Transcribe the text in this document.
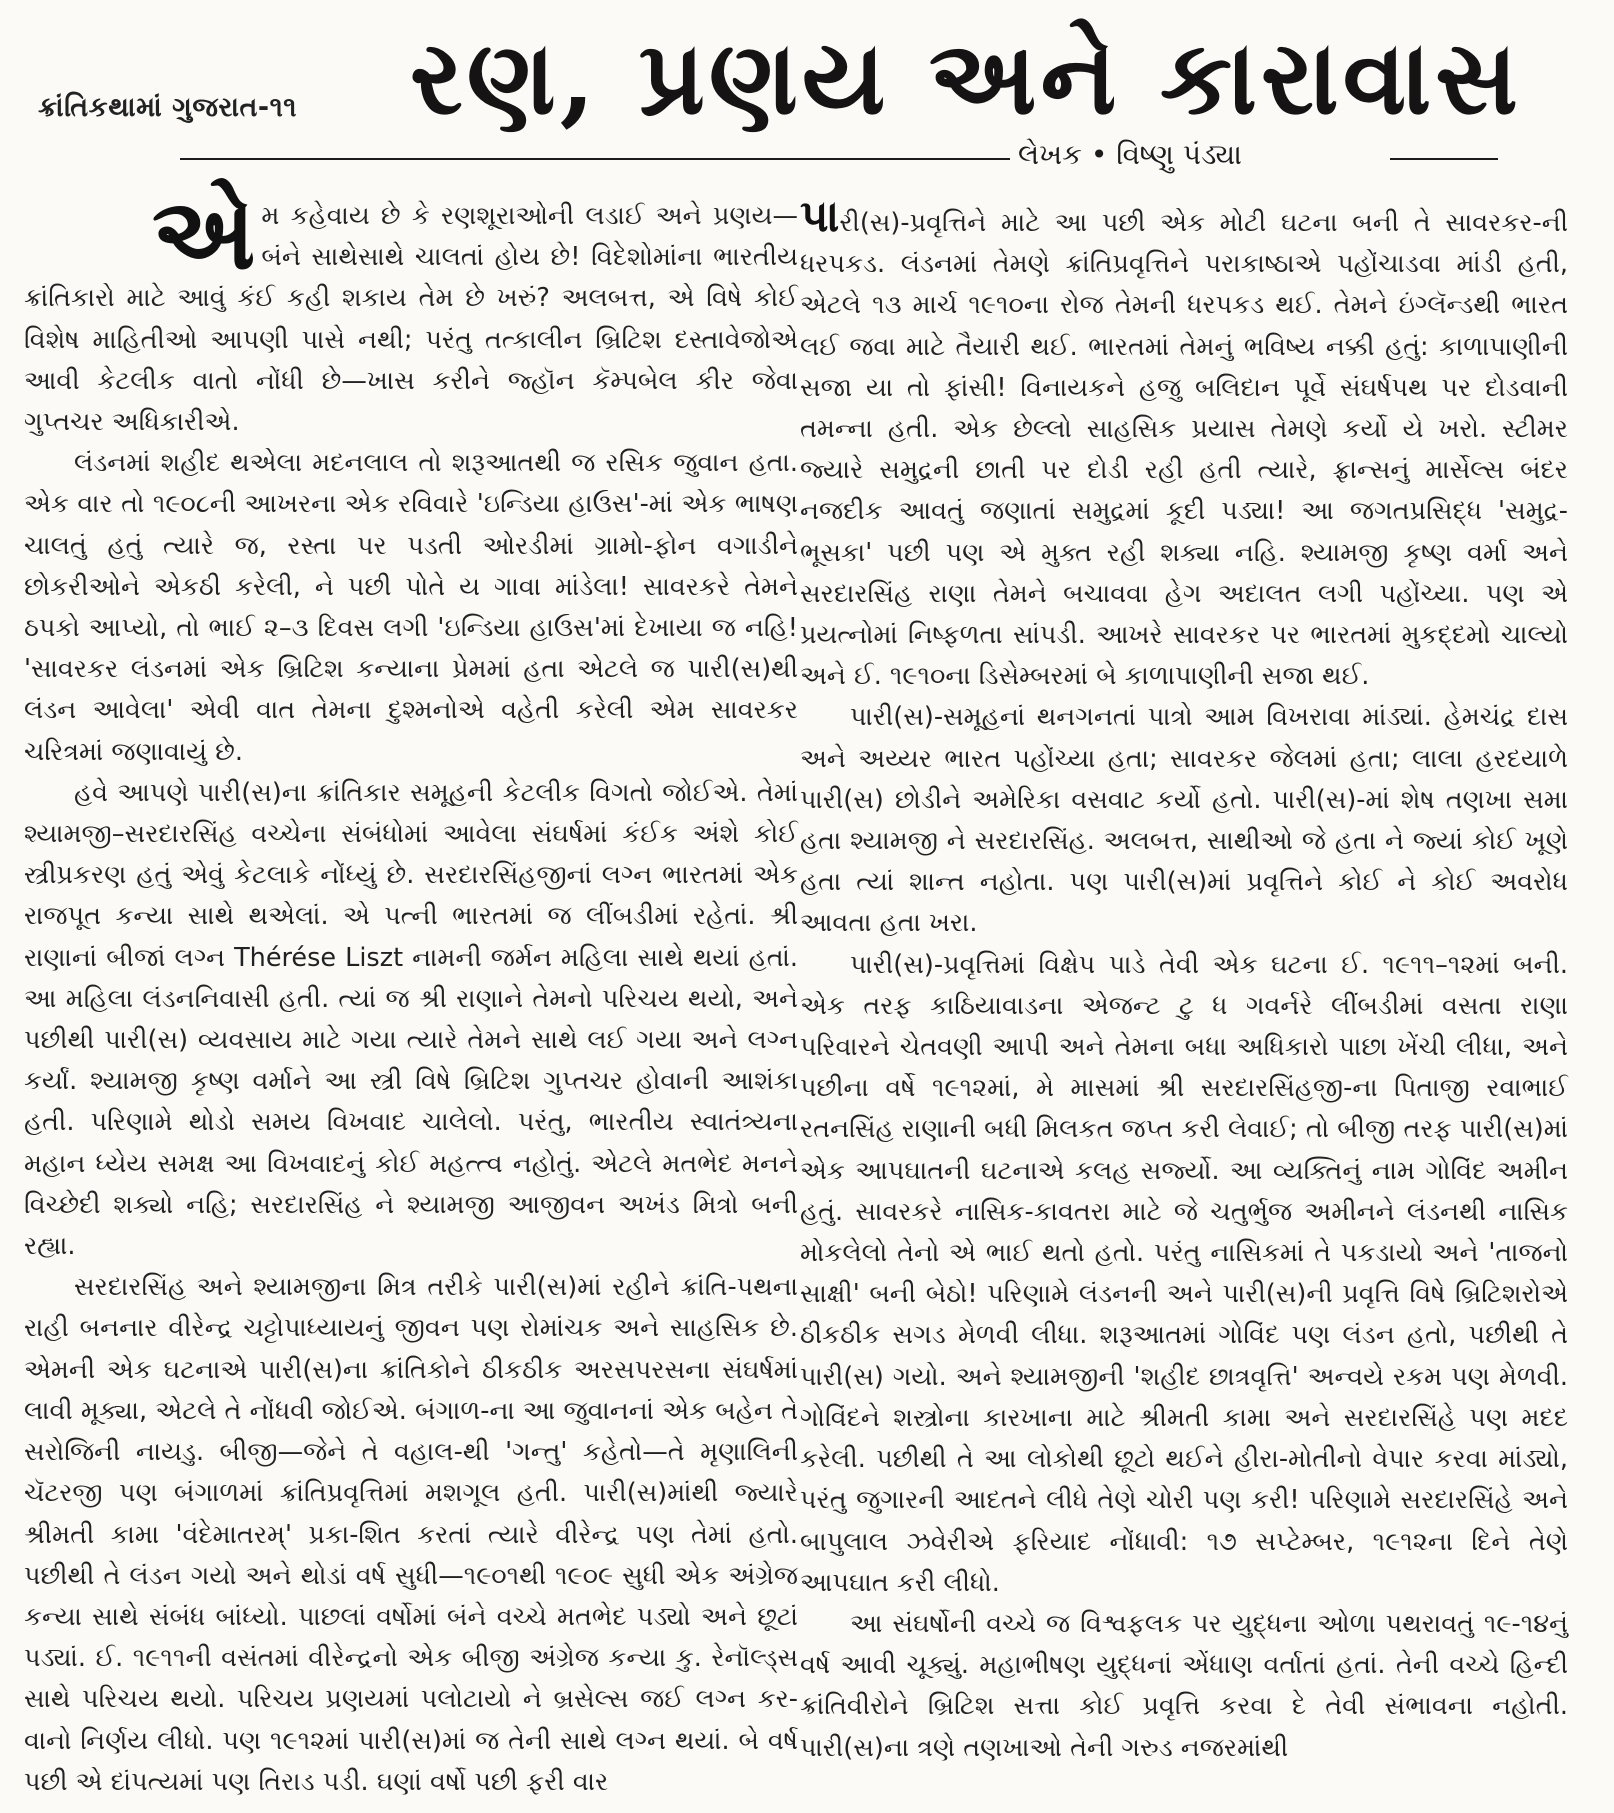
ક્રાંતિકથામાં ગુજરાત-૧૧ રણ, પ્રણય અને કારાવાસ
લેખક • વિષ્ણુ પંડ્યા

એ મ કહેવાય છે કે રણશૂરાઓની લડાઈ અને પ્રણય—બંને સાથેસાથે ચાલતાં હોય છે! વિદેશોમાંના ભારતીય ક્રાંતિકારો માટે આવું કંઈ કહી શકાય તેમ છે ખરું? અલબત્ત, એ વિષે કોઈ વિશેષ માહિતીઓ આપણી પાસે નથી; પરંતુ તત્કાલીન બ્રિટિશ દસ્તાવેજોએ આવી કેટલીક વાતો નોંધી છે—ખાસ કરીને જ્હૉન કૅમ્પબેલ કીર જેવા ગુપ્તચર અધિકારીએ.

લંડનમાં શહીદ થએલા મદનલાલ તો શરૂઆતથી જ રસિક જુવાન હતા. એક વાર તો ૧૯૦૮ની આખરના એક રવિવારે 'ઇન્ડિયા હાઉસ'-માં એક ભાષણ ચાલતું હતું ત્યારે જ, રસ્તા પર પડતી ઓરડીમાં ગ્રામો-ફોન વગાડીને છોકરીઓને એકઠી કરેલી, ને પછી પોતે ય ગાવા માંડેલા! સાવરકરે તેમને ઠપકો આપ્યો, તો ભાઈ ૨–૩ દિવસ લગી 'ઇન્ડિયા હાઉસ'માં દેખાયા જ નહિ! 'સાવરકર લંડનમાં એક બ્રિટિશ કન્યાના પ્રેમમાં હતા એટલે જ પારી(સ)થી લંડન આવેલા' એવી વાત તેમના દુશ્મનોએ વહેતી કરેલી એમ સાવરકર ચરિત્રમાં જણાવાયું છે.

હવે આપણે પારી(સ)ના ક્રાંતિકાર સમૂહની કેટલીક વિગતો જોઈએ. તેમાં શ્યામજી–સરદારસિંહ વચ્ચેના સંબંધોમાં આવેલા સંઘર્ષમાં કંઈક અંશે કોઈ સ્ત્રીપ્રકરણ હતું એવું કેટલાકે નોંધ્યું છે. સરદારસિંહજીનાં લગ્ન ભારતમાં એક રાજપૂત કન્યા સાથે થએલાં. એ પત્ની ભારતમાં જ લીંબડીમાં રહેતાં. શ્રી રાણાનાં બીજાં લગ્ન Thérése Liszt નામની જર્મન મહિલા સાથે થયાં હતાં. આ મહિલા લંડનનિવાસી હતી. ત્યાં જ શ્રી રાણાને તેમનો પરિચય થયો, અને પછીથી પારી(સ) વ્યવસાય માટે ગયા ત્યારે તેમને સાથે લઈ ગયા અને લગ્ન કર્યાં. શ્યામજી કૃષ્ણ વર્માને આ સ્ત્રી વિષે બ્રિટિશ ગુપ્તચર હોવાની આશંકા હતી. પરિણામે થોડો સમય વિખવાદ ચાલેલો. પરંતુ, ભારતીય સ્વાતંત્ર્યના મહાન ધ્યેય સમક્ષ આ વિખવાદનું કોઈ મહત્ત્વ નહોતું. એટલે મતભેદ મનને વિચ્છેદી શક્યો નહિ; સરદારસિંહ ને શ્યામજી આજીવન અખંડ મિત્રો બની રહ્યા.

સરદારસિંહ અને શ્યામજીના મિત્ર તરીકે પારી(સ)માં રહીને ક્રાંતિ-પથના રાહી બનનાર વીરેન્દ્ર ચટ્ટોપાધ્યાયનું જીવન પણ રોમાંચક અને સાહસિક છે. એમની એક ઘટનાએ પારી(સ)ના ક્રાંતિકોને ઠીકઠીક અરસપરસના સંઘર્ષમાં લાવી મૂક્યા, એટલે તે નોંધવી જોઈએ. બંગાળ-ના આ જુવાનનાં એક બહેન તે સરોજિની નાયડુ. બીજી—જેને તે વહાલ-થી 'ગન્તુ' કહેતો—તે મૃણાલિની ચૅટરજી પણ બંગાળમાં ક્રાંતિપ્રવૃત્તિમાં મશગૂલ હતી. પારી(સ)માંથી જ્યારે શ્રીમતી કામા 'વંદેમાતરમ્' પ્રકા-શિત કરતાં ત્યારે વીરેન્દ્ર પણ તેમાં હતો. પછીથી તે લંડન ગયો અને થોડાં વર્ષ સુધી—૧૯૦૧થી ૧૯૦૯ સુધી એક અંગ્રેજ કન્યા સાથે સંબંધ બાંધ્યો. પાછલાં વર્ષોમાં બંને વચ્ચે મતભેદ પડ્યો અને છૂટાં પડ્યાં. ઈ. ૧૯૧૧ની વસંતમાં વીરેન્દ્રનો એક બીજી અંગ્રેજ કન્યા કુ. રેનૉલ્ડ્સ સાથે પરિચય થયો. પરિચય પ્રણયમાં પલોટાયો ને બ્રસેલ્સ જઈ લગ્ન કર-વાનો નિર્ણય લીધો. પણ ૧૯૧૨માં પારી(સ)માં જ તેની સાથે લગ્ન થયાં. બે વર્ષ પછી એ દાંપત્યમાં પણ તિરાડ પડી. ઘણાં વર્ષો પછી ફરી વાર

પારી(સ)-પ્રવૃત્તિને માટે આ પછી એક મોટી ઘટના બની તે સાવરકર-ની ધરપકડ. લંડનમાં તેમણે ક્રાંતિપ્રવૃત્તિને પરાકાષ્ઠાએ પહોંચાડવા માંડી હતી, એટલે ૧૩ માર્ચ ૧૯૧૦ના રોજ તેમની ધરપકડ થઈ. તેમને ઇંગ્લૅન્ડથી ભારત લઈ જવા માટે તૈયારી થઈ. ભારતમાં તેમનું ભવિષ્ય નક્કી હતું: કાળાપાણીની સજા યા તો ફાંસી! વિનાયકને હજુ બલિદાન પૂર્વે સંઘર્ષપથ પર દોડવાની તમન્ના હતી. એક છેલ્લો સાહસિક પ્રયાસ તેમણે કર્યો યે ખરો. સ્ટીમર જ્યારે સમુદ્રની છાતી પર દોડી રહી હતી ત્યારે, ફ્રાન્સનું માર્સેલ્સ બંદર નજદીક આવતું જણાતાં સમુદ્રમાં કૂદી પડ્યા! આ જગતપ્રસિદ્ધ 'સમુદ્ર-ભૂસકા' પછી પણ એ મુક્ત રહી શક્યા નહિ. શ્યામજી કૃષ્ણ વર્મા અને સરદારસિંહ રાણા તેમને બચાવવા હેગ અદાલત લગી પહોંચ્યા. પણ એ પ્રયત્નોમાં નિષ્ફળતા સાંપડી. આખરે સાવરકર પર ભારતમાં મુકદ્દમો ચાલ્યો અને ઈ. ૧૯૧૦ના ડિસેમ્બરમાં બે કાળાપાણીની સજા થઈ.

પારી(સ)-સમૂહનાં થનગનતાં પાત્રો આમ વિખરાવા માંડ્યાં. હેમચંદ્ર દાસ અને અય્યર ભારત પહોંચ્યા હતા; સાવરકર જેલમાં હતા; લાલા હરદયાળે પારી(સ) છોડીને અમેરિકા વસવાટ કર્યો હતો. પારી(સ)-માં શેષ તણખા સમા હતા શ્યામજી ને સરદારસિંહ. અલબત્ત, સાથીઓ જે હતા ને જ્યાં કોઈ ખૂણે હતા ત્યાં શાન્ત નહોતા. પણ પારી(સ)માં પ્રવૃત્તિને કોઈ ને કોઈ અવરોધ આવતા હતા ખરા.

પારી(સ)-પ્રવૃત્તિમાં વિક્ષેપ પાડે તેવી એક ઘટના ઈ. ૧૯૧૧–૧૨માં બની. એક તરફ કાઠિયાવાડના એજન્ટ ટુ ધ ગવર્નરે લીંબડીમાં વસતા રાણા પરિવારને ચેતવણી આપી અને તેમના બધા અધિકારો પાછા ખેંચી લીધા, અને પછીના વર્ષે ૧૯૧૨માં, મે માસમાં શ્રી સરદારસિંહજી-ના પિતાજી રવાભાઈ રતનસિંહ રાણાની બધી મિલકત જપ્ત કરી લેવાઈ; તો બીજી તરફ પારી(સ)માં એક આપઘાતની ઘટનાએ કલહ સર્જ્યો. આ વ્યક્તિનું નામ ગોવિંદ અમીન હતું. સાવરકરે નાસિક-કાવતરા માટે જે ચતુર્ભુજ અમીનને લંડનથી નાસિક મોકલેલો તેનો એ ભાઈ થતો હતો. પરંતુ નાસિકમાં તે પકડાયો અને 'તાજનો સાક્ષી' બની બેઠો! પરિણામે લંડનની અને પારી(સ)ની પ્રવૃત્તિ વિષે બ્રિટિશરોએ ઠીકઠીક સગડ મેળવી લીધા. શરૂઆતમાં ગોવિંદ પણ લંડન હતો, પછીથી તે પારી(સ) ગયો. અને શ્યામજીની 'શહીદ છાત્રવૃત્તિ' અન્વયે રકમ પણ મેળવી. ગોવિંદને શસ્ત્રોના કારખાના માટે શ્રીમતી કામા અને સરદારસિંહે પણ મદદ કરેલી. પછીથી તે આ લોકોથી છૂટો થઈને હીરા-મોતીનો વેપાર કરવા માંડ્યો, પરંતુ જુગારની આદતને લીધે તેણે ચોરી પણ કરી! પરિણામે સરદારસિંહે અને બાપુલાલ ઝવેરીએ ફરિયાદ નોંધાવી: ૧૭ સપ્ટેમ્બર, ૧૯૧૨ના દિને તેણે આપઘાત કરી લીધો.

આ સંઘર્ષોની વચ્ચે જ વિશ્વફલક પર યુદ્ધના ઓળા પથરાવતું ૧૯-૧૪નું વર્ષ આવી ચૂક્યું. મહાભીષણ યુદ્ધનાં એંધાણ વર્તાતાં હતાં. તેની વચ્ચે હિન્દી ક્રાંતિવીરોને બ્રિટિશ સત્તા કોઈ પ્રવૃત્તિ કરવા દે તેવી સંભાવના નહોતી. પારી(સ)ના ત્રણે તણખાઓ તેની ગરુડ નજરમાંથી
